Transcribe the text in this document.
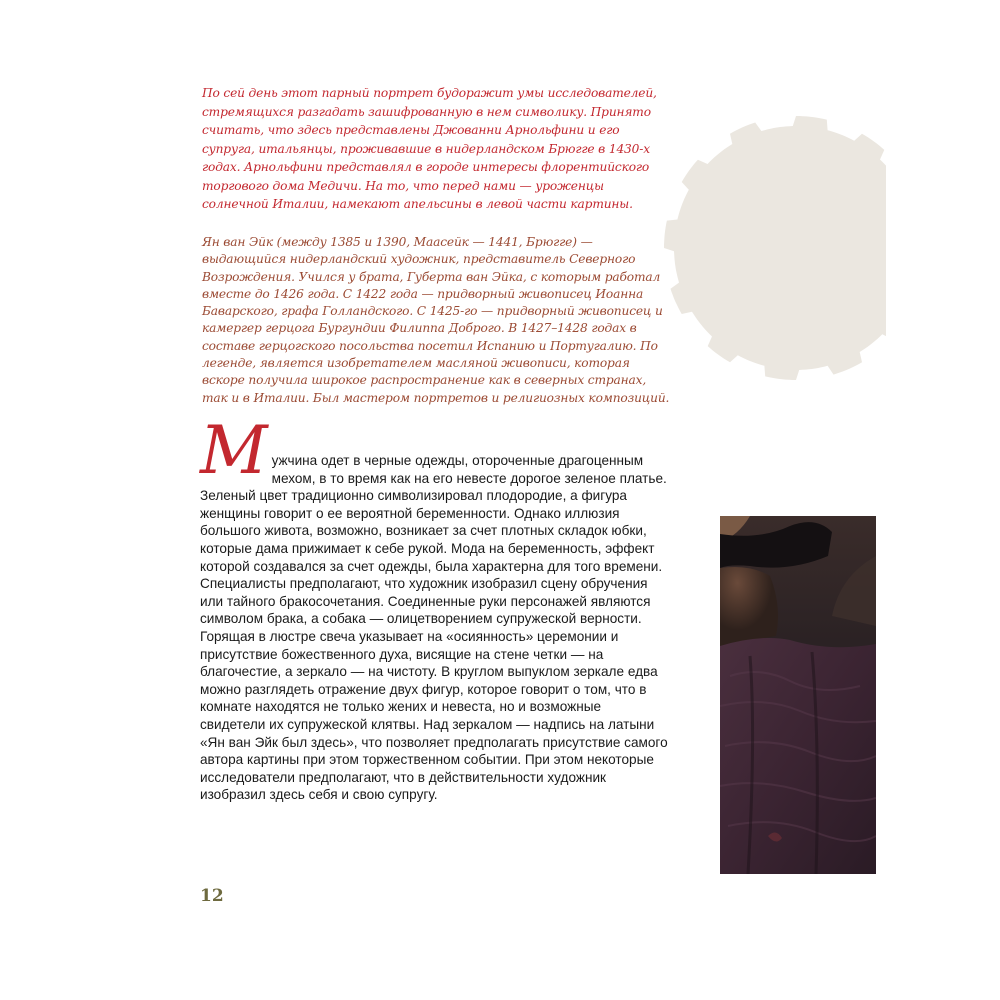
По сей день этот парный портрет будоражит умы исследователей, стремящихся разгадать зашифрованную в нем символику. Принято считать, что здесь представлены Джованни Арнольфини и его супруга, итальянцы, проживавшие в нидерландском Брюгге в 1430-х годах. Арнольфини представлял в городе интересы флорентийского торгового дома Медичи. На то, что перед нами — уроженцы солнечной Италии, намекают апельсины в левой части картины.

Ян ван Эйк (между 1385 и 1390, Маасейк — 1441, Брюгге) — выдающийся нидерландский художник, представитель Северного Возрождения. Учился у брата, Губерта ван Эйка, с которым работал вместе до 1426 года. С 1422 года — придворный живописец Иоанна Баварского, графа Голландского. С 1425-го — придворный живописец и камергер герцога Бургундии Филиппа Доброго. В 1427–1428 годах в составе герцогского посольства посетил Испанию и Португалию. По легенде, является изобретателем масляной живописи, которая вскоре получила широкое распространение как в северных странах, так и в Италии. Был мастером портретов и религиозных композиций.

М ужчина одет в черные одежды, отороченные драгоценным мехом, в то время как на его невесте дорогое зеленое платье. Зеленый цвет традиционно символизировал плодородие, а фигура женщины говорит о ее вероятной беременности. Однако иллюзия большого живота, возможно, возникает за счет плотных складок юбки, которые дама прижимает к себе рукой. Мода на беременность, эффект которой создавался за счет одежды, была характерна для того времени. Специалисты предполагают, что художник изобразил сцену обручения или тайного бракосочетания. Соединенные руки персонажей являются символом брака, а собака — олицетворением супружеской верности. Горящая в люстре свеча указывает на «осиянность» церемонии и присутствие божественного духа, висящие на стене четки — на благочестие, а зеркало — на чистоту. В круглом выпуклом зеркале едва можно разглядеть отражение двух фигур, которое говорит о том, что в комнате находятся не только жених и невеста, но и возможные свидетели их супружеской клятвы. Над зеркалом — надпись на латыни «Ян ван Эйк был здесь», что позволяет предполагать присутствие самого автора картины при этом торжественном событии. При этом некоторые исследователи предполагают, что в действительности художник изобразил здесь себя и свою супругу.

12
